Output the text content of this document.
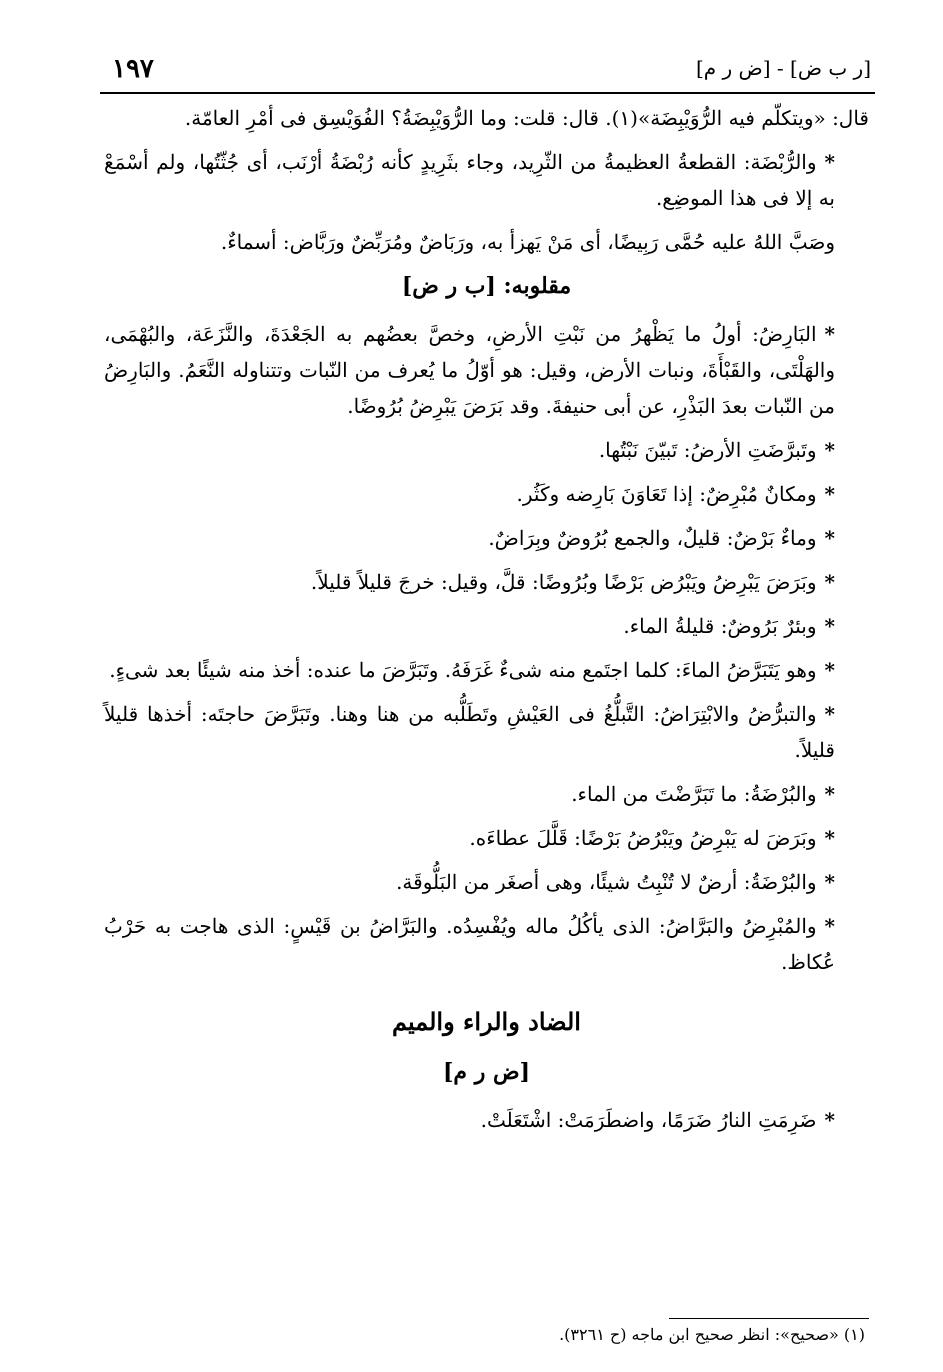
١٩٧	[ر ب ض] - [ض ر م]

قال: «ويتكلّم فيه الرُّوَيْبِضَة»(١). قال: قلت: وما الرُّوَيْبِضَةُ؟ الفُوَيْسِق فى أمْرِ العامّة.

*والرُّبْضَة: القطعةُ العظيمةُ من الثّرِيد، وجاء بثَرِيدٍ كأنه رُبْضَةُ أرْنَب، أى جُثّتُها، ولم أسْمَعْ به إلا فى هذا الموضِع.

وصَبَّ اللهُ عليه حُمَّى رَبِيضًا، أى مَنْ يَهزأ به، ورَبَاضٌ ومُرَبِّضٌ ورَبَّاض: أسماءٌ.

مقلوبه: [ب ر ض]

*البَارِضُ: أولُ ما يَظْهرُ من نَبْتِ الأرضِ، وخصَّ بعضُهم به الجَعْدَةَ، والنَّزَعَة، والبُهْمَى، والهَلْتَى، والقَبْأَةَ، ونبات الأرض، وقيل: هو أوّلُ ما يُعرف من النّبات وتتناوله النَّعَمُ. والبَارِضُ من النّبات بعدَ البَذْرِ، عن أبى حنيفةَ. وقد بَرَضَ يَبْرِضُ بُرُوضًا.

*وتَبرَّضَتِ الأرضُ: تَبيّنَ نَبْتُها.

*ومكانٌ مُبْرِضٌ: إذا تَعَاوَنَ بَارِضه وكَثُر.

*وماءٌ بَرْضٌ: قليلٌ، والجمع بُرُوضٌ وبِرَاضٌ.

*وبَرَضَ يَبْرِضُ ويَبْرُض بَرْضًا وبُرُوضًا: قلَّ، وقيل: خرجَ قليلاً قليلاً.

*وبئرٌ بَرُوضٌ: قليلةُ الماء.

*وهو يَتَبَرَّضُ الماءَ: كلما اجتَمع منه شىءٌ غَرَفَهُ. وتَبَرَّضَ ما عنده: أخذ منه شيئًا بعد شىءٍ.

*والتبرُّضُ والابْتِرَاضُ: التَّبلُّغُ فى العَيْشِ وتَطَلُّبه من هنا وهنا. وتَبَرَّضَ حاجتَه: أخذها قليلاً قليلاً.

*والبُرْضَةُ: ما تَبَرَّضْتَ من الماء.

*وبَرَضَ له يَبْرِضُ ويَبْرُضُ بَرْضًا: قَلَّلَ عطاءَه.

*والبُرْضَةُ: أرضٌ لا تُنْبِتُ شيئًا، وهى أصغَر من البَلُّوقَة.

*والمُبْرِضُ والبَرَّاضُ: الذى يأكُلُ ماله ويُفْسِدُه. والبَرَّاضُ بن قَيْسٍ: الذى هاجت به حَرْبُ عُكاظ.

الضاد والراء والميم
[ض ر م]

*ضَرِمَتِ النارُ ضَرَمًا، واضطَرَمَتْ: اشْتَعَلَتْ.

(١) «صحيح»: انظر صحيح ابن ماجه (ح ٣٢٦١).
